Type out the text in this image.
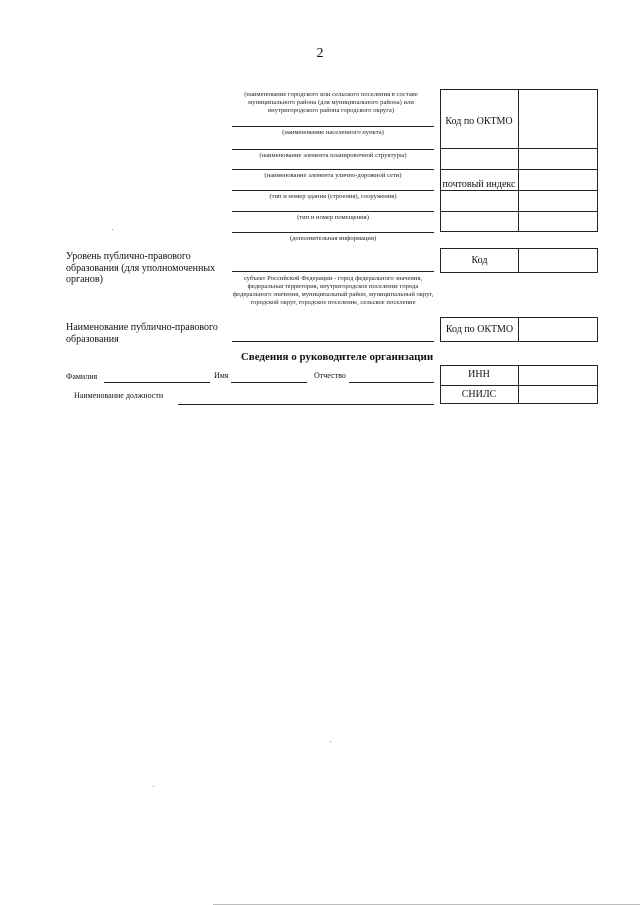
2
(наименование городского или сельского поселения в составе муниципального района (для муниципального района) или внутригородского района городского округа)
(наименование населенного пункта)
(наименование элемента планировочной структуры)
(наименование элемента улично-дорожной сети)
(тип и номер здания (строения), сооружения)
(тип и номер помещения)
(дополнительная информация)
Код по ОКТМО
почтовый индекс
Уровень публично-правового образования (для уполномоченных органов)	субъект Российской Федерации - город федерального значения, федеральная территория, внутригородское поселение города федерального значения, муниципальный район, муниципальный округ, городской округ, городское поселение, сельское поселение
Код
Наименование публично-правового образования
Код по ОКТМО
Сведения о руководителе организации
Фамилия	Имя	Отчество	ИНН
СНИЛС
Наименование должности
